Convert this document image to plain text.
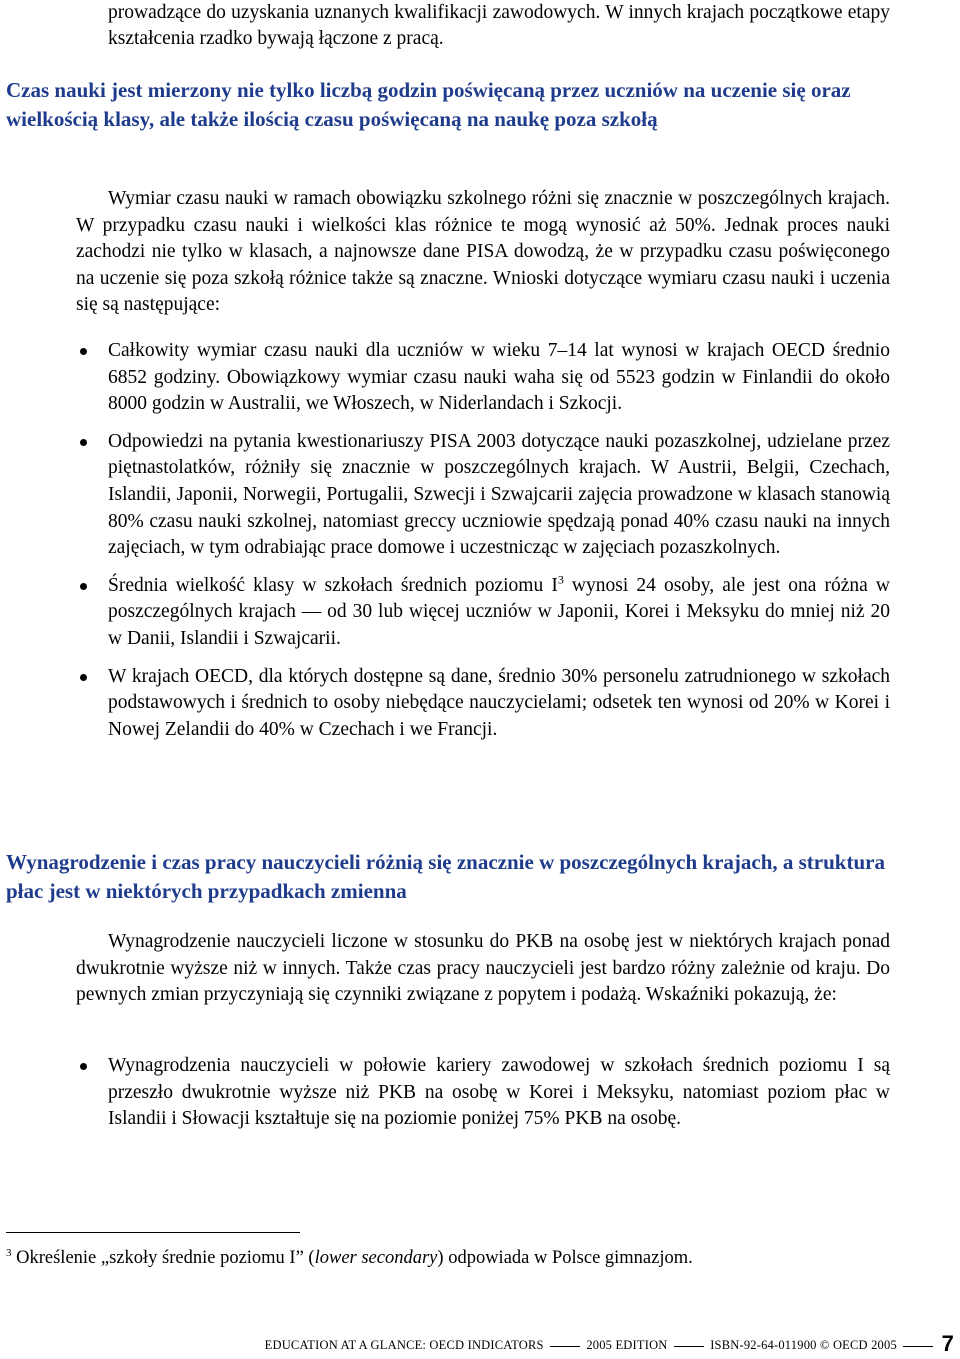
prowadzące do uzyskania uznanych kwalifikacji zawodowych. W innych krajach początkowe etapy kształcenia rzadko bywają łączone z pracą.
Czas nauki jest mierzony nie tylko liczbą godzin poświęcaną przez uczniów na uczenie się oraz wielkością klasy, ale także ilością czasu poświęcaną na naukę poza szkołą
Wymiar czasu nauki w ramach obowiązku szkolnego różni się znacznie w poszczególnych krajach. W przypadku czasu nauki i wielkości klas różnice te mogą wynosić aż 50%. Jednak proces nauki zachodzi nie tylko w klasach, a najnowsze dane PISA dowodzą, że w przypadku czasu poświęconego na uczenie się poza szkołą różnice także są znaczne. Wnioski dotyczące wymiaru czasu nauki i uczenia się są następujące:
Całkowity wymiar czasu nauki dla uczniów w wieku 7–14 lat wynosi w krajach OECD średnio 6852 godziny. Obowiązkowy wymiar czasu nauki waha się od 5523 godzin w Finlandii do około 8000 godzin w Australii, we Włoszech, w Niderlandach i Szkocji.
Odpowiedzi na pytania kwestionariuszy PISA 2003 dotyczące nauki pozaszkolnej, udzielane przez piętnastolatków, różniły się znacznie w poszczególnych krajach. W Austrii, Belgii, Czechach, Islandii, Japonii, Norwegii, Portugalii, Szwecji i Szwajcarii zajęcia prowadzone w klasach stanowią 80% czasu nauki szkolnej, natomiast greccy uczniowie spędzają ponad 40% czasu nauki na innych zajęciach, w tym odrabiając prace domowe i uczestnicząc w zajęciach pozaszkolnych.
Średnia wielkość klasy w szkołach średnich poziomu $I^3$ wynosi 24 osoby, ale jest ona różna w poszczególnych krajach — od 30 lub więcej uczniów w Japonii, Korei i Meksyku do mniej niż 20 w Danii, Islandii i Szwajcarii.
W krajach OECD, dla których dostępne są dane, średnio 30% personelu zatrudnionego w szkołach podstawowych i średnich to osoby niebędące nauczycielami; odsetek ten wynosi od 20% w Korei i Nowej Zelandii do 40% w Czechach i we Francji.
Wynagrodzenie i czas pracy nauczycieli różnią się znacznie w poszczególnych krajach, a struktura płac jest w niektórych przypadkach zmienna
Wynagrodzenie nauczycieli liczone w stosunku do PKB na osobę jest w niektórych krajach ponad dwukrotnie wyższe niż w innych. Także czas pracy nauczycieli jest bardzo różny zależnie od kraju. Do pewnych zmian przyczyniają się czynniki związane z popytem i podażą. Wskaźniki pokazują, że:
Wynagrodzenia nauczycieli w połowie kariery zawodowej w szkołach średnich poziomu I są przeszło dwukrotnie wyższe niż PKB na osobę w Korei i Meksyku, natomiast poziom płac w Islandii i Słowacji kształtuje się na poziomie poniżej 75% PKB na osobę.
$^3$ Określenie „szkoły średnie poziomu I” (lower secondary) odpowiada w Polsce gimnazjom.
EDUCATION AT A GLANCE: OECD INDICATORS	2005 EDITION	ISBN-92-64-011900 © OECD 2005 7
